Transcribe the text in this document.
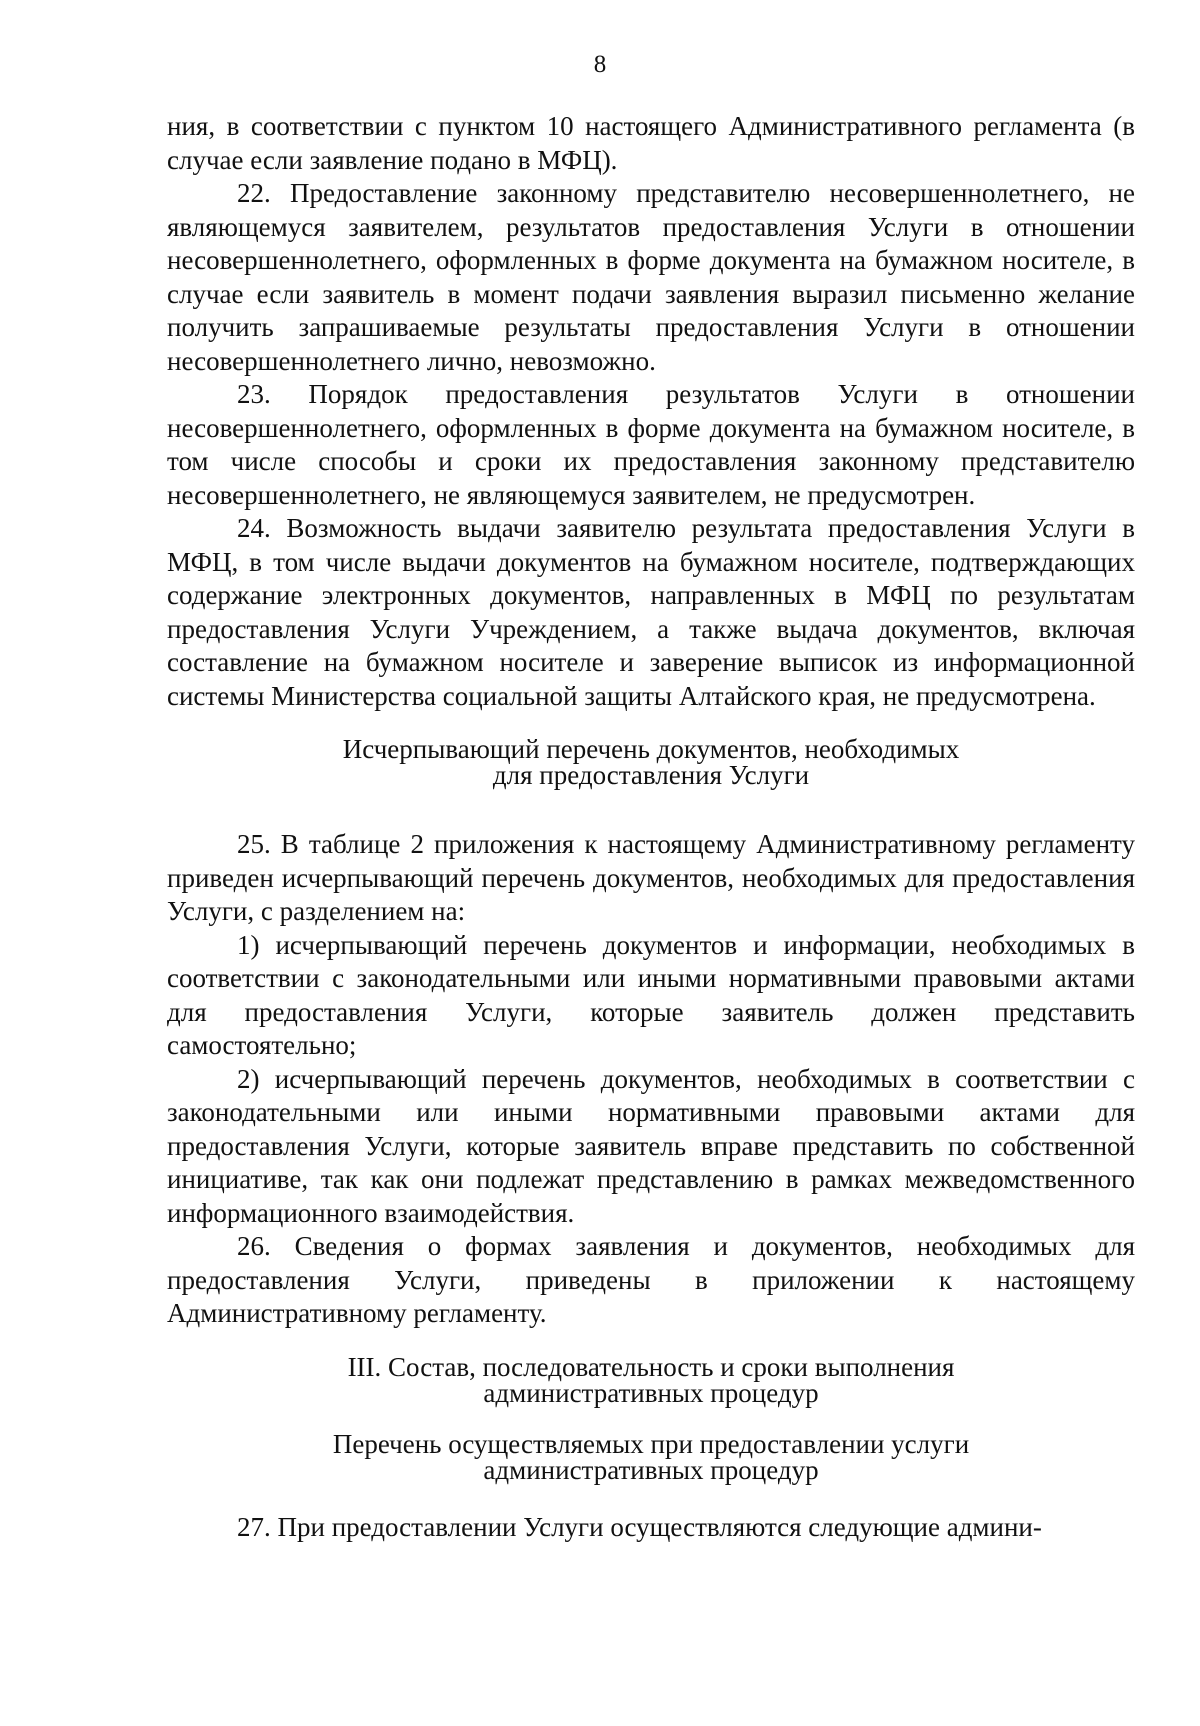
8

ния, в соответствии с пунктом 10 настоящего Административного регламента (в случае если заявление подано в МФЦ).

22. Предоставление законному представителю несовершеннолетнего, не являющемуся заявителем, результатов предоставления Услуги в отношении несовершеннолетнего, оформленных в форме документа на бумажном носителе, в случае если заявитель в момент подачи заявления выразил письменно желание получить запрашиваемые результаты предоставления Услуги в отношении несовершеннолетнего лично, невозможно.

23. Порядок предоставления результатов Услуги в отношении несовершеннолетнего, оформленных в форме документа на бумажном носителе, в том числе способы и сроки их предоставления законному представителю несовершеннолетнего, не являющемуся заявителем, не предусмотрен.

24. Возможность выдачи заявителю результата предоставления Услуги в МФЦ, в том числе выдачи документов на бумажном носителе, подтверждающих содержание электронных документов, направленных в МФЦ по результатам предоставления Услуги Учреждением, а также выдача документов, включая составление на бумажном носителе и заверение выписок из информационной системы Министерства социальной защиты Алтайского края, не предусмотрена.

Исчерпывающий перечень документов, необходимых
для предоставления Услуги

25. В таблице 2 приложения к настоящему Административному регламенту приведен исчерпывающий перечень документов, необходимых для предоставления Услуги, с разделением на:

1) исчерпывающий перечень документов и информации, необходимых в соответствии с законодательными или иными нормативными правовыми актами для предоставления Услуги, которые заявитель должен представить самостоятельно;

2) исчерпывающий перечень документов, необходимых в соответствии с законодательными или иными нормативными правовыми актами для предоставления Услуги, которые заявитель вправе представить по собственной инициативе, так как они подлежат представлению в рамках межведомственного информационного взаимодействия.

26. Сведения о формах заявления и документов, необходимых для предоставления Услуги, приведены в приложении к настоящему Административному регламенту.

III. Состав, последовательность и сроки выполнения
административных процедур
Перечень осуществляемых при предоставлении услуги
административных процедур

27. При предоставлении Услуги осуществляются следующие админи-
